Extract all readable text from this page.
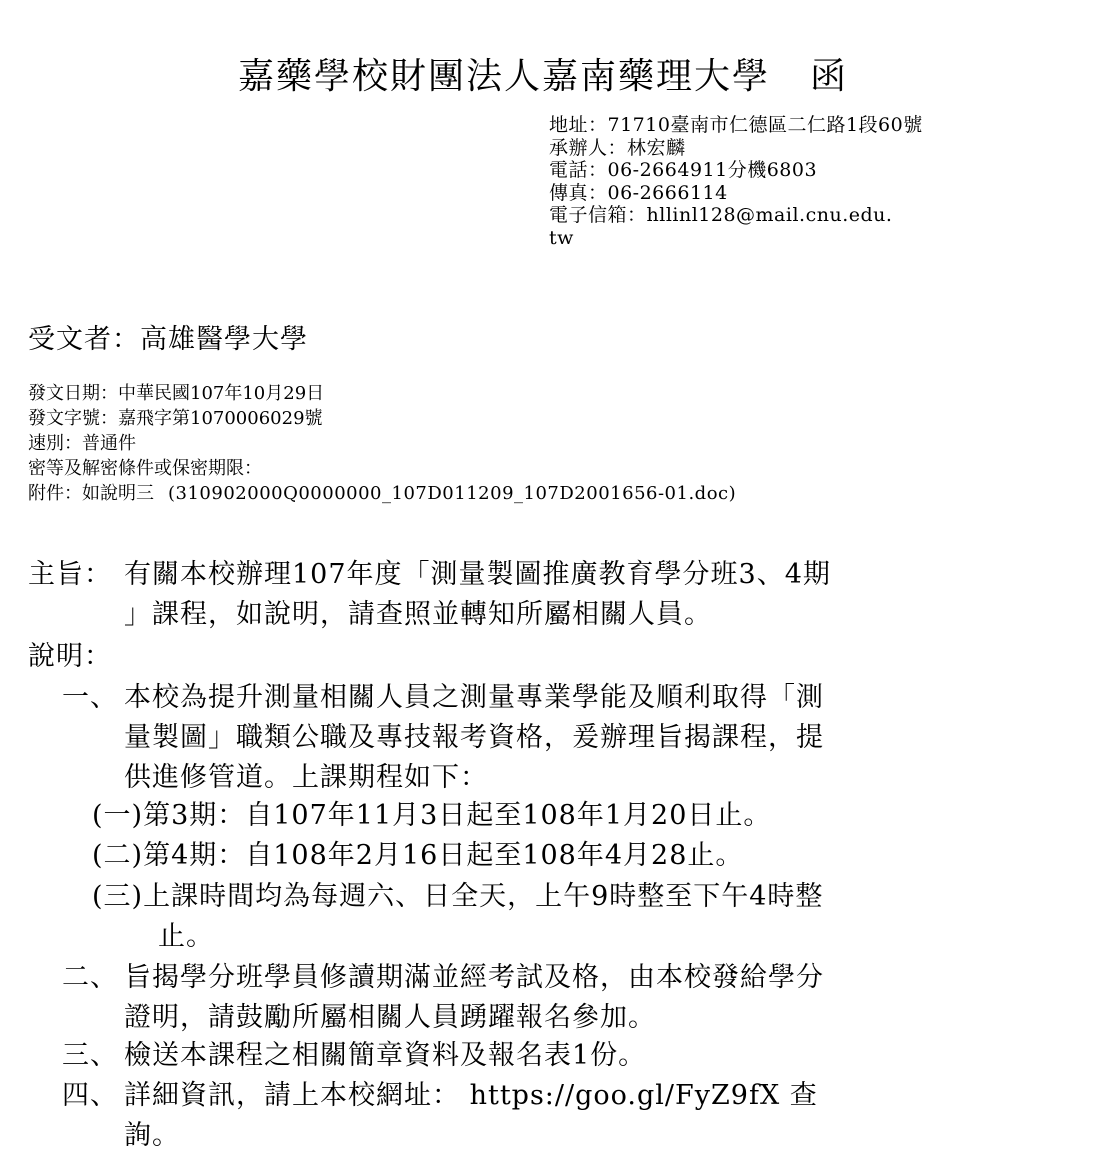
嘉藥學校財團法人嘉南藥理大學 函
地址：71710臺南市仁德區二仁路1段60號
承辦人：林宏麟
電話：06-2664911分機6803
傳真：06-2666114
電子信箱：hllinl128@mail.cnu.edu.
tw
受文者：高雄醫學大學
發文日期：中華民國107年10月29日
發文字號：嘉飛字第1070006029號
速別：普通件
密等及解密條件或保密期限：
附件：如說明三 (310902000Q0000000_107D011209_107D2001656-01.doc)
主旨： 有關本校辦理107年度「測量製圖推廣教育學分班3、4期
」課程，如說明，請查照並轉知所屬相關人員。
說明：
一、 本校為提升測量相關人員之測量專業學能及順利取得「測
量製圖」職類公職及專技報考資格，爰辦理旨揭課程，提
供進修管道。上課期程如下：
(一)第3期：自107年11月3日起至108年1月20日止。
(二)第4期：自108年2月16日起至108年4月28止。
(三)上課時間均為每週六、日全天，上午9時整至下午4時整
止。
二、 旨揭學分班學員修讀期滿並經考試及格，由本校發給學分
證明，請鼓勵所屬相關人員踴躍報名參加。
三、 檢送本課程之相關簡章資料及報名表1份。
四、 詳細資訊，請上本校網址： https://goo.gl/FyZ9fX 查
詢。
